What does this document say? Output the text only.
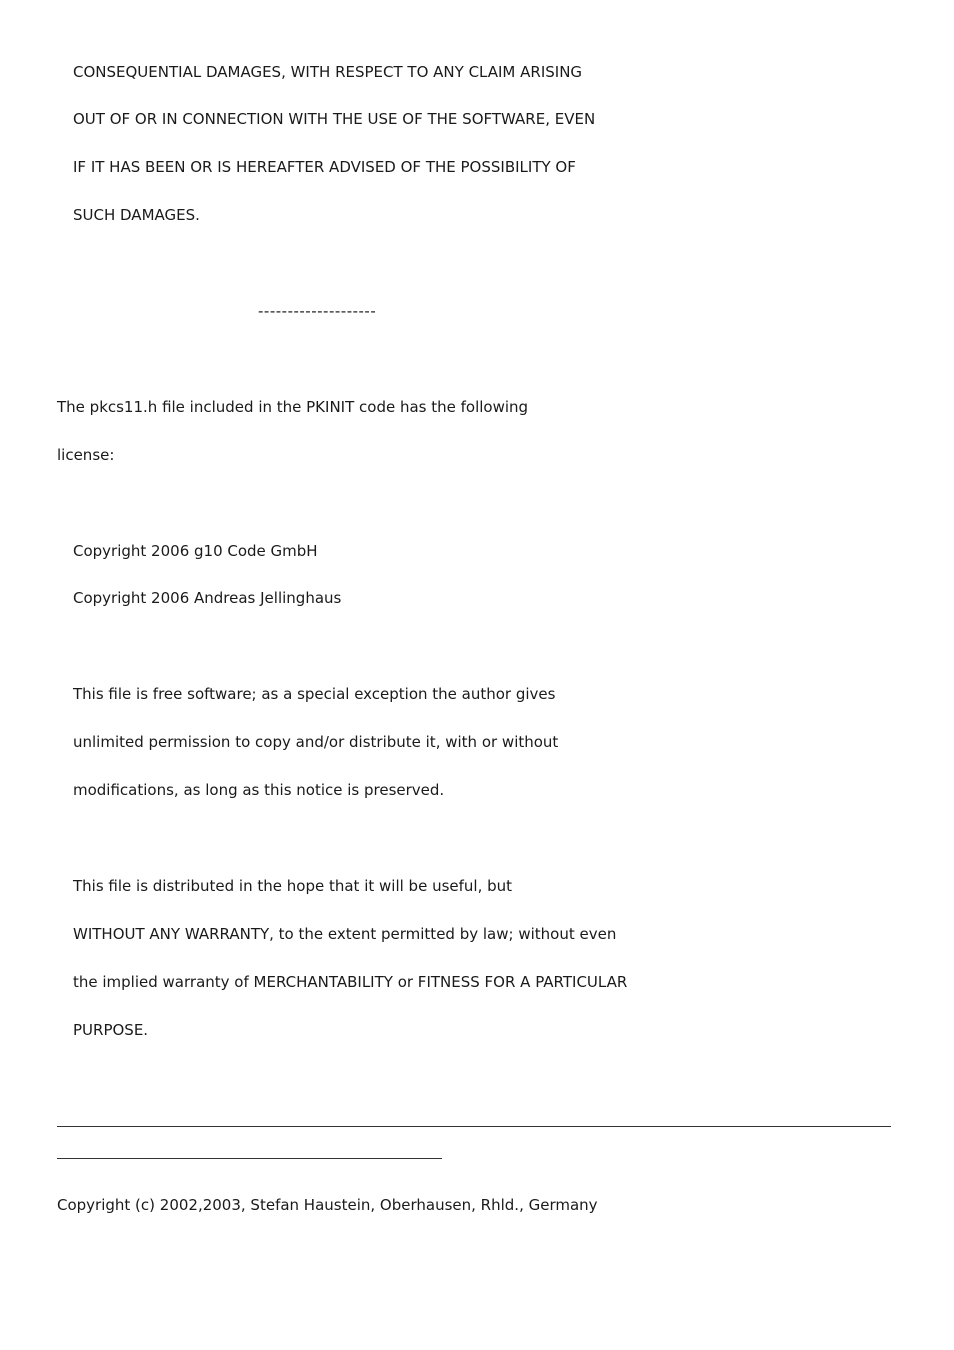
CONSEQUENTIAL DAMAGES, WITH RESPECT TO ANY CLAIM ARISING

OUT OF OR IN CONNECTION WITH THE USE OF THE SOFTWARE, EVEN

IF IT HAS BEEN OR IS HEREAFTER ADVISED OF THE POSSIBILITY OF

SUCH DAMAGES.

--------------------

The pkcs11.h file included in the PKINIT code has the following

license:

Copyright 2006 g10 Code GmbH

Copyright 2006 Andreas Jellinghaus

This file is free software; as a special exception the author gives

unlimited permission to copy and/or distribute it, with or without

modifications, as long as this notice is preserved.

This file is distributed in the hope that it will be useful, but

WITHOUT ANY WARRANTY, to the extent permitted by law; without even

the implied warranty of MERCHANTABILITY or FITNESS FOR A PARTICULAR

PURPOSE.

Copyright (c) 2002,2003, Stefan Haustein, Oberhausen, Rhld., Germany
